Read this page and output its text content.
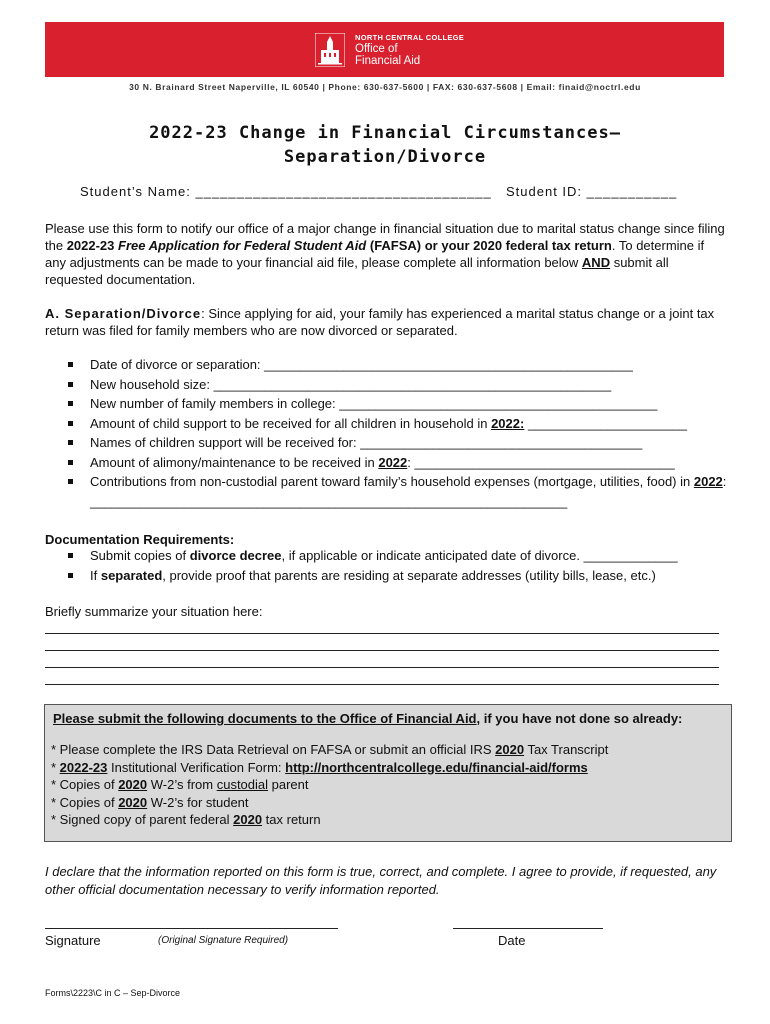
NORTH CENTRAL COLLEGE
Office of
Financial Aid
30 N. Brainard Street Naperville, IL 60540 | Phone: 630-637-5600 | FAX: 630-637-5608 | Email: finaid@noctrl.edu
2022-23 Change in Financial Circumstances–
Separation/Divorce
Student’s Name: ____________________________________ Student ID: ___________
Please use this form to notify our office of a major change in financial situation due to marital status change since filing the 2022-23 Free Application for Federal Student Aid (FAFSA) or your 2020 federal tax return. To determine if any adjustments can be made to your financial aid file, please complete all information below AND submit all requested documentation.
A. Separation/Divorce: Since applying for aid, your family has experienced a marital status change or a joint tax return was filed for family members who are now divorced or separated.
Date of divorce or separation: ___________________________________________________
New household size: _______________________________________________________
New number of family members in college: ____________________________________________
Amount of child support to be received for all children in household in 2022: ______________________
Names of children support will be received for: _______________________________________
Amount of alimony/maintenance to be received in 2022: ____________________________________
Contributions from non-custodial parent toward family’s household expenses (mortgage, utilities, food) in 2022: __________________________________________________________________
Documentation Requirements:
Submit copies of divorce decree, if applicable or indicate anticipated date of divorce. _____________
If separated, provide proof that parents are residing at separate addresses (utility bills, lease, etc.)
Briefly summarize your situation here:
Please submit the following documents to the Office of Financial Aid, if you have not done so already:
* Please complete the IRS Data Retrieval on FAFSA or submit an official IRS 2020 Tax Transcript
* 2022-23 Institutional Verification Form: http://northcentralcollege.edu/financial-aid/forms
* Copies of 2020 W-2’s from custodial parent
* Copies of 2020 W-2’s for student
* Signed copy of parent federal 2020 tax return
I declare that the information reported on this form is true, correct, and complete. I agree to provide, if requested, any other official documentation necessary to verify information reported.
Signature	(Original Signature Required)	Date
Forms\2223\C in C – Sep-Divorce
